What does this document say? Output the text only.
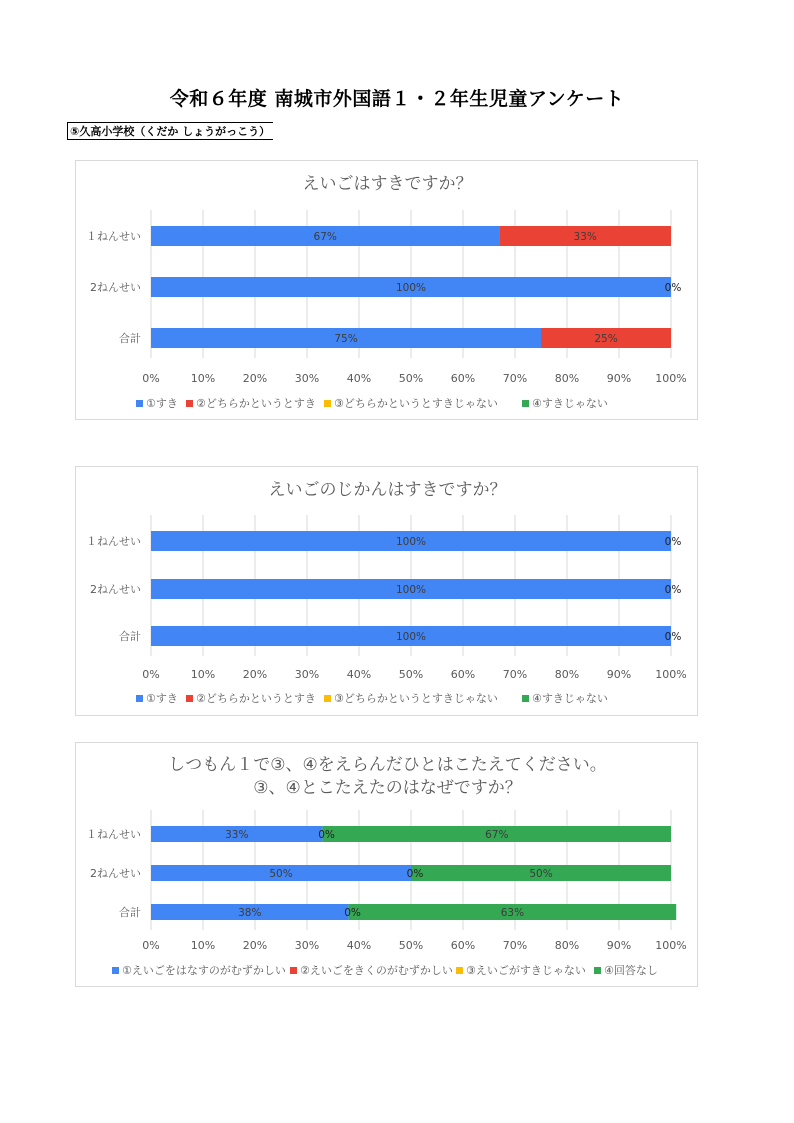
令和６年度 南城市外国語１・２年生児童アンケート
⑤久高小学校（くだか しょうがっこう）
えいごはすきですか？
0%	10%	20%	30%	40%	50%	60%	70%	80%	90% 100%
１ねんせい	67%	33%
2ねんせい	100%	0%
合計	75%	25%
①すき ②どちらかというとすき ③どちらかというとすきじゃない	④すきじゃない
えいごのじかんはすきですか？
0%	10%	20%	30%	40%	50%	60%	70%	80%	90% 100%
１ねんせい	100%	0%
2ねんせい	100%	0%
合計	100%	0%
①すき ②どちらかというとすき ③どちらかというとすきじゃない	④すきじゃない
しつもん１で③、④をえらんだひとはこたえてください。
③、④とこたえたのはなぜですか？
0%	10%	20%	30%	40%	50%	60%	70%	80%	90% 100%
１ねんせい	33%	0%	67%
2ねんせい	50%	0%	50%
合計	38%	0%	63%
①えいごをはなすのがむずかしい ②えいごをきくのがむずかしい ③えいごがすきじゃない ④回答なし
